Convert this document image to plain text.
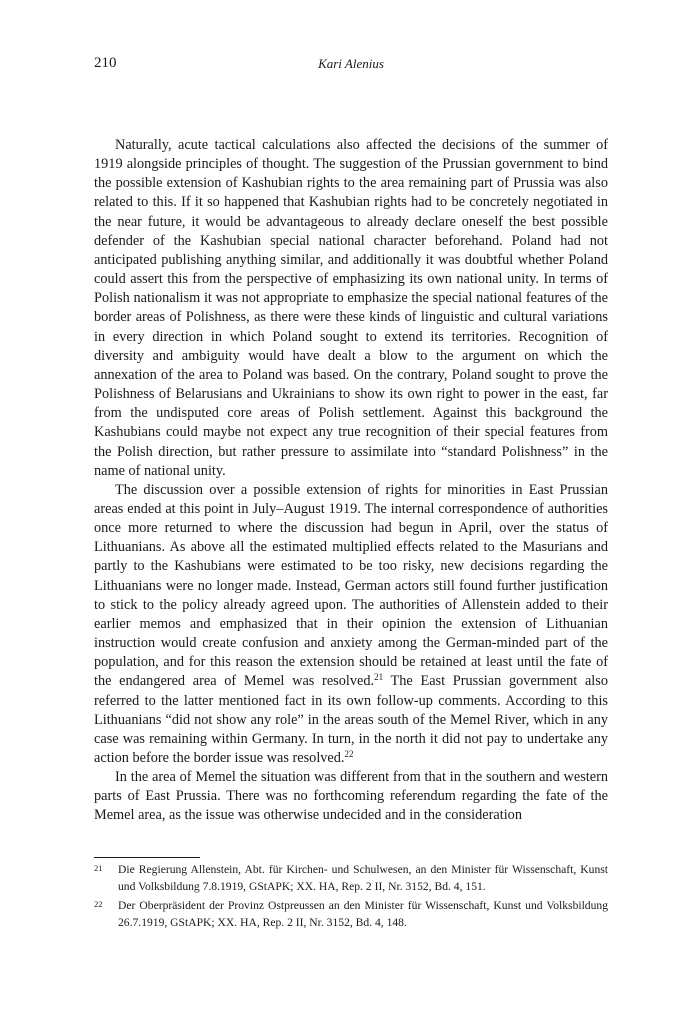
210	Kari Alenius

Naturally, acute tactical calculations also affected the decisions of the summer of 1919 alongside principles of thought. The suggestion of the Prussian government to bind the possible extension of Kashubian rights to the area remaining part of Prussia was also related to this. If it so happened that Kashubian rights had to be concretely negotiated in the near future, it would be advantageous to already declare oneself the best possible defender of the Kashubian special national character beforehand. Poland had not anticipated publishing anything similar, and additionally it was doubtful whether Poland could assert this from the perspective of emphasizing its own national unity. In terms of Polish nationalism it was not appropriate to emphasize the special national features of the border areas of Polishness, as there were these kinds of linguistic and cultural variations in every direction in which Poland sought to extend its territories. Recognition of diversity and ambiguity would have dealt a blow to the argument on which the annexation of the area to Poland was based. On the contrary, Poland sought to prove the Polishness of Belarusians and Ukrainians to show its own right to power in the east, far from the undisputed core areas of Polish settlement. Against this background the Kashubians could maybe not expect any true recognition of their special features from the Polish direction, but rather pressure to assimilate into “standard Polishness” in the name of national unity.

The discussion over a possible extension of rights for minorities in East Prussian areas ended at this point in July–August 1919. The internal correspondence of authorities once more returned to where the discussion had begun in April, over the status of Lithuanians. As above all the estimated multiplied effects related to the Masurians and partly to the Kashubians were estimated to be too risky, new decisions regarding the Lithuanians were no longer made. Instead, German actors still found further justification to stick to the policy already agreed upon. The authorities of Allenstein added to their earlier memos and emphasized that in their opinion the extension of Lithuanian instruction would create confusion and anxiety among the German-minded part of the population, and for this reason the extension should be retained at least until the fate of the endangered area of Memel was resolved.$^{21}$ The East Prussian government also referred to the latter mentioned fact in its own follow-up comments. According to this Lithuanians “did not show any role” in the areas south of the Memel River, which in any case was remaining within Germany. In turn, in the north it did not pay to undertake any action before the border issue was resolved.$^{22}$

In the area of Memel the situation was different from that in the southern and western parts of East Prussia. There was no forthcoming referendum regarding the fate of the Memel area, as the issue was otherwise undecided and in the consideration

21 Die Regierung Allenstein, Abt. für Kirchen- und Schulwesen, an den Minister für Wissenschaft, Kunst und Volksbildung 7.8.1919, GStAPK; XX. HA, Rep. 2 II, Nr. 3152, Bd. 4, 151.
22 Der Oberpräsident der Provinz Ostpreussen an den Minister für Wissenschaft, Kunst und Volksbildung 26.7.1919, GStAPK; XX. HA, Rep. 2 II, Nr. 3152, Bd. 4, 148.
